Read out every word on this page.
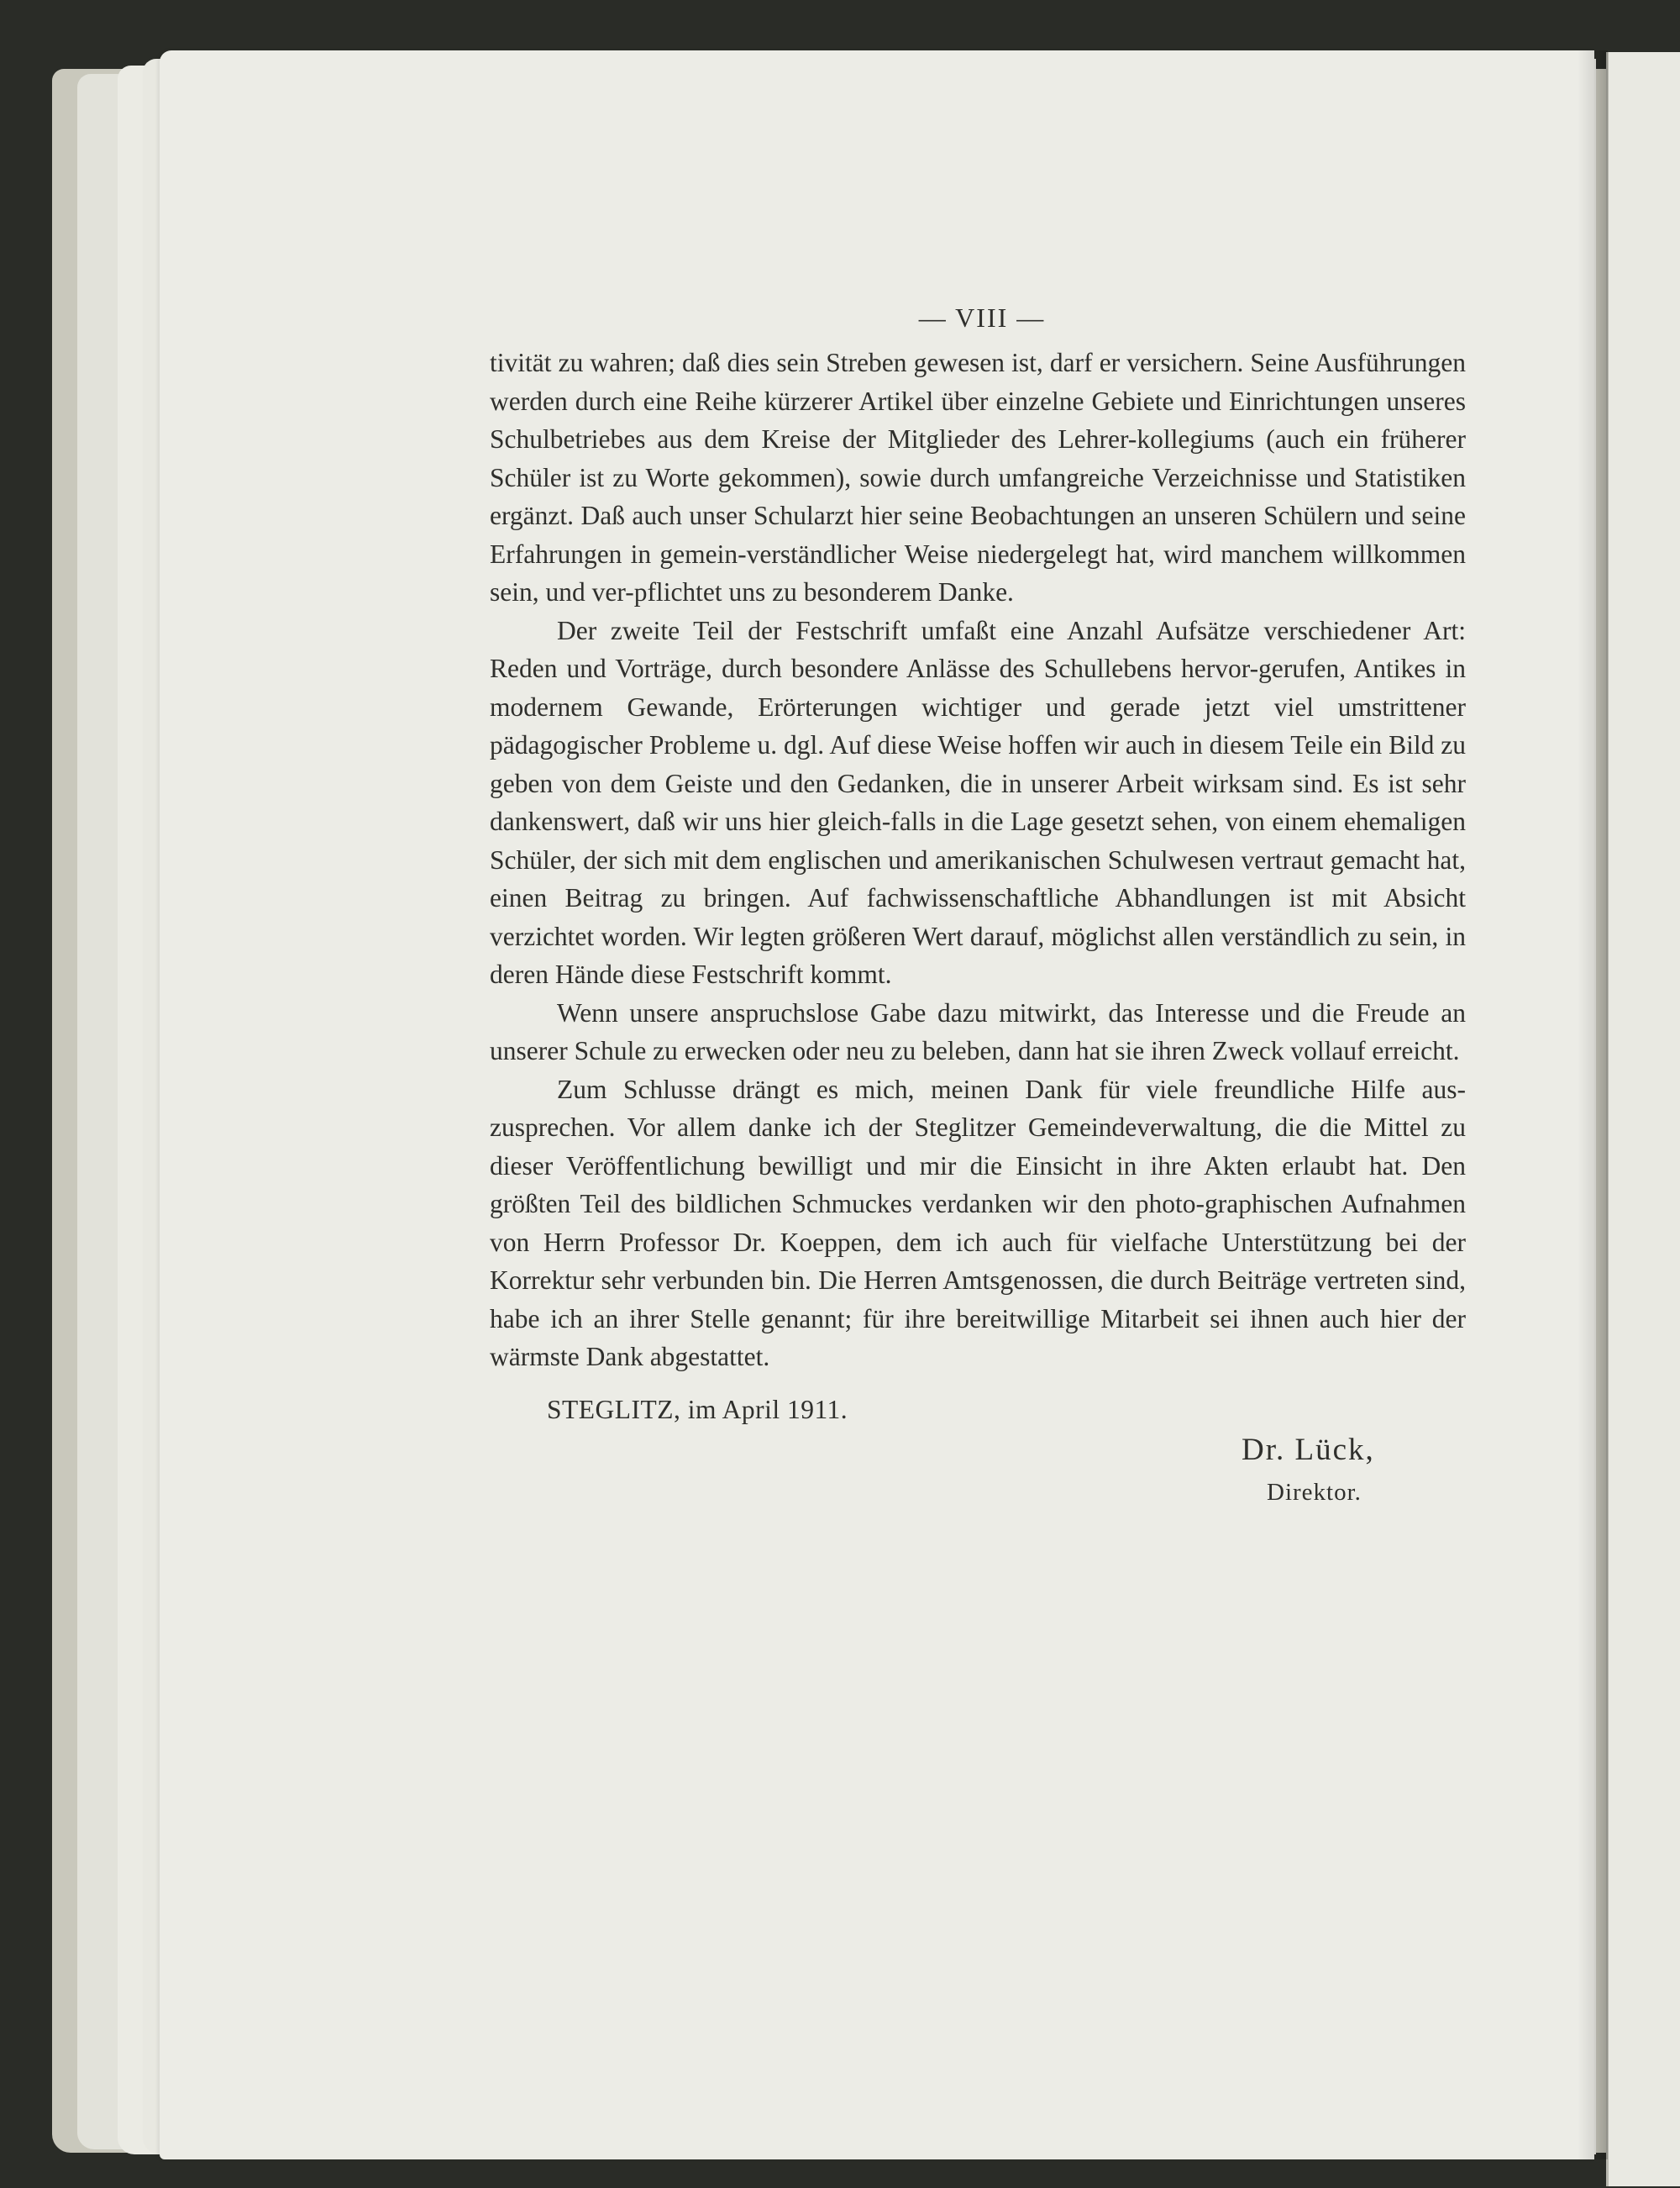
— VIII —

tivität zu wahren; daß dies sein Streben gewesen ist, darf er versichern. Seine Ausführungen werden durch eine Reihe kürzerer Artikel über einzelne Gebiete und Einrichtungen unseres Schulbetriebes aus dem Kreise der Mitglieder des Lehrer-kollegiums (auch ein früherer Schüler ist zu Worte gekommen), sowie durch umfangreiche Verzeichnisse und Statistiken ergänzt. Daß auch unser Schularzt hier seine Beobachtungen an unseren Schülern und seine Erfahrungen in gemein-verständlicher Weise niedergelegt hat, wird manchem willkommen sein, und ver-pflichtet uns zu besonderem Danke.

Der zweite Teil der Festschrift umfaßt eine Anzahl Aufsätze verschiedener Art: Reden und Vorträge, durch besondere Anlässe des Schullebens hervor-gerufen, Antikes in modernem Gewande, Erörterungen wichtiger und gerade jetzt viel umstrittener pädagogischer Probleme u. dgl. Auf diese Weise hoffen wir auch in diesem Teile ein Bild zu geben von dem Geiste und den Gedanken, die in unserer Arbeit wirksam sind. Es ist sehr dankenswert, daß wir uns hier gleich-falls in die Lage gesetzt sehen, von einem ehemaligen Schüler, der sich mit dem englischen und amerikanischen Schulwesen vertraut gemacht hat, einen Beitrag zu bringen. Auf fachwissenschaftliche Abhandlungen ist mit Absicht verzichtet worden. Wir legten größeren Wert darauf, möglichst allen verständlich zu sein, in deren Hände diese Festschrift kommt.

Wenn unsere anspruchslose Gabe dazu mitwirkt, das Interesse und die Freude an unserer Schule zu erwecken oder neu zu beleben, dann hat sie ihren Zweck vollauf erreicht.

Zum Schlusse drängt es mich, meinen Dank für viele freundliche Hilfe aus-zusprechen. Vor allem danke ich der Steglitzer Gemeindeverwaltung, die die Mittel zu dieser Veröffentlichung bewilligt und mir die Einsicht in ihre Akten erlaubt hat. Den größten Teil des bildlichen Schmuckes verdanken wir den photo-graphischen Aufnahmen von Herrn Professor Dr. Koeppen, dem ich auch für vielfache Unterstützung bei der Korrektur sehr verbunden bin. Die Herren Amtsgenossen, die durch Beiträge vertreten sind, habe ich an ihrer Stelle genannt; für ihre bereitwillige Mitarbeit sei ihnen auch hier der wärmste Dank abgestattet.

STEGLITZ, im April 1911.
Dr. Lück,
Direktor.
